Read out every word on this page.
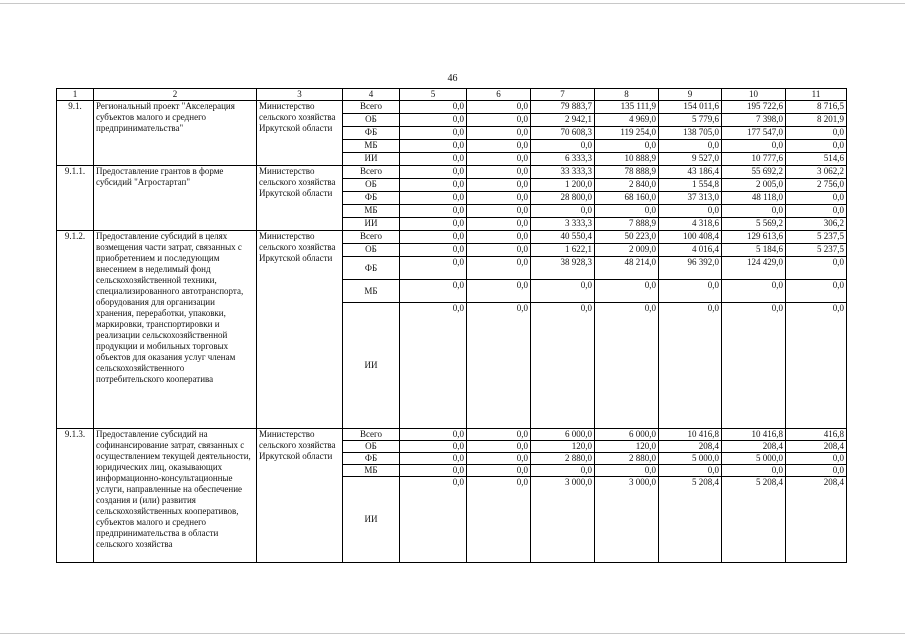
46
1	2	3	4	5	6	7	8	9	10	11
9.1.	Региональный проект "Акселерация субъектов малого и среднего предпринимательства"	Министерство сельского хозяйства Иркутской области	Всего	0,0	0,0	79 883,7	135 111,9	154 011,6	195 722,6	8 716,5
			ОБ	0,0	0,0	2 942,1	4 969,0	5 779,6	7 398,0	8 201,9
			ФБ	0,0	0,0	70 608,3	119 254,0	138 705,0	177 547,0	0,0
			МБ	0,0	0,0	0,0	0,0	0,0	0,0	0,0
			ИИ	0,0	0,0	6 333,3	10 888,9	9 527,0	10 777,6	514,6
9.1.1.	Предоставление грантов в форме субсидий "Агростартап"	Министерство сельского хозяйства Иркутской области	Всего	0,0	0,0	33 333,3	78 888,9	43 186,4	55 692,2	3 062,2
			ОБ	0,0	0,0	1 200,0	2 840,0	1 554,8	2 005,0	2 756,0
			ФБ	0,0	0,0	28 800,0	68 160,0	37 313,0	48 118,0	0,0
			МБ	0,0	0,0	0,0	0,0	0,0	0,0	0,0
			ИИ	0,0	0,0	3 333,3	7 888,9	4 318,6	5 569,2	306,2
9.1.2.	Предоставление субсидий в целях возмещения части затрат, связанных с приобретением и последующим внесением в неделимый фонд сельскохозяйственной техники, специализированного автотранспорта, оборудования для организации хранения, переработки, упаковки, маркировки, транспортировки и реализации сельскохозяйственной продукции и мобильных торговых объектов для оказания услуг членам сельскохозяйственного потребительского кооператива	Министерство сельского хозяйства Иркутской области	Всего	0,0	0,0	40 550,4	50 223,0	100 408,4	129 613,6	5 237,5
			ОБ	0,0	0,0	1 622,1	2 009,0	4 016,4	5 184,6	5 237,5
			ФБ	0,0	0,0	38 928,3	48 214,0	96 392,0	124 429,0	0,0
			МБ	0,0	0,0	0,0	0,0	0,0	0,0	0,0
			ИИ	0,0	0,0	0,0	0,0	0,0	0,0	0,0
9.1.3.	Предоставление субсидий на софинансирование затрат, связанных с осуществлением текущей деятельности, юридических лиц, оказывающих информационно-консультационные услуги, направленные на обеспечение создания и (или) развития сельскохозяйственных кооперативов, субъектов малого и среднего предпринимательства в области сельского хозяйства	Министерство сельского хозяйства Иркутской области	Всего	0,0	0,0	6 000,0	6 000,0	10 416,8	10 416,8	416,8
			ОБ	0,0	0,0	120,0	120,0	208,4	208,4	208,4
			ФБ	0,0	0,0	2 880,0	2 880,0	5 000,0	5 000,0	0,0
			МБ	0,0	0,0	0,0	0,0	0,0	0,0	0,0
			ИИ	0,0	0,0	3 000,0	3 000,0	5 208,4	5 208,4	208,4
